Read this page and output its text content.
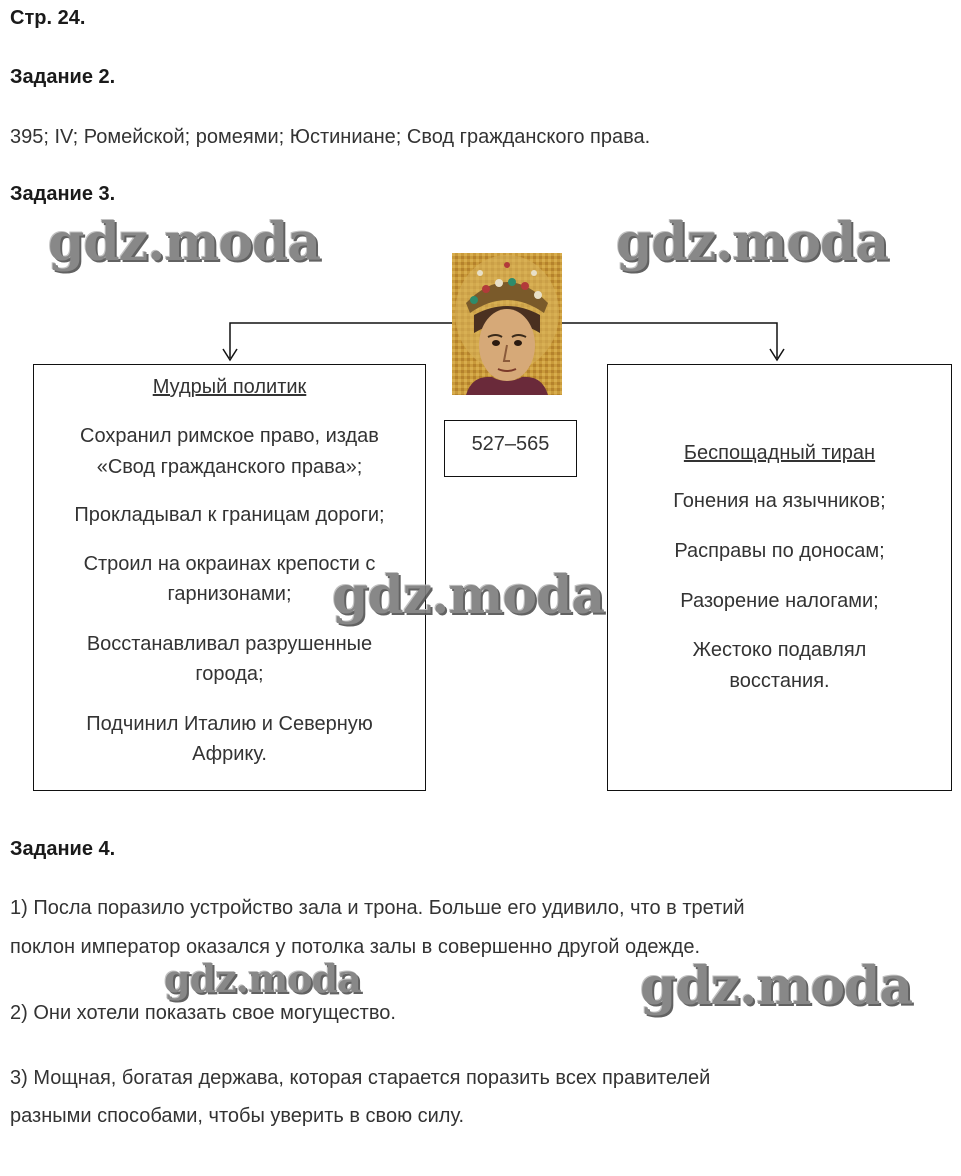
Стр. 24.
Задание 2.
395; IV; Ромейской; ромеями; Юстиниане; Свод гражданского права.
Задание 3.
527–565
Мудрый политик
Сохранил римское право, издав
«Свод гражданского права»;
Прокладывал к границам дороги;
Строил на окраинах крепости с
гарнизонами;
Восстанавливал разрушенные
города;
Подчинил Италию и Северную
Африку.
Беспощадный тиран
Гонения на язычников;
Расправы по доносам;
Разорение налогами;
Жестоко подавлял
восстания.
Задание 4.
1) Посла поразило устройство зала и трона. Больше его удивило, что в третий
поклон император оказался у потолка залы в совершенно другой одежде.
2) Они хотели показать свое могущество.
3) Мощная, богатая держава, которая старается поразить всех правителей
разными способами, чтобы уверить в свою силу.
gdz.moda	gdz.moda
gdz.moda
gdz.moda	gdz.moda
